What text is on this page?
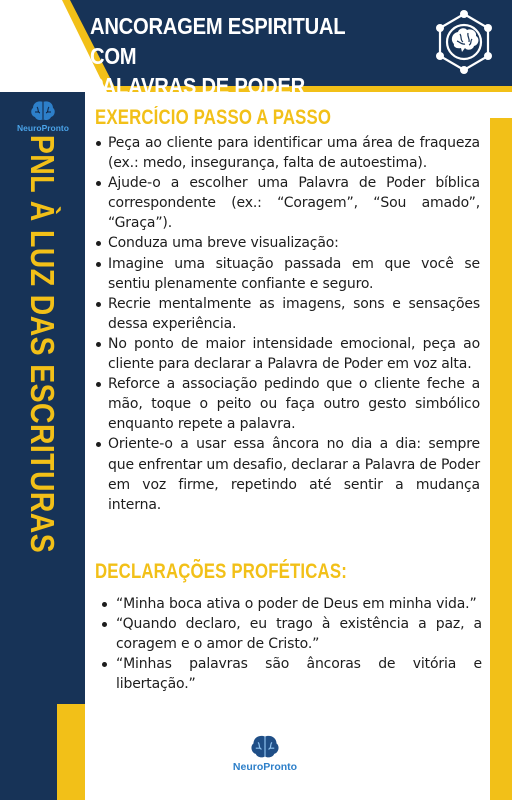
ANCORAGEM ESPIRITUAL COM
PALAVRAS DE PODER
NeuroPronto
PNL À LUZ DAS ESCRITURAS
EXERCÍCIO PASSO A PASSO
Peça ao cliente para identificar uma área de fraqueza (ex.: medo, insegurança, falta de autoestima).
Ajude-o a escolher uma Palavra de Poder bíblica correspondente (ex.: “Coragem”, “Sou amado”, “Graça”).
Conduza uma breve visualização:
Imagine uma situação passada em que você se sentiu plenamente confiante e seguro.
Recrie mentalmente as imagens, sons e sensações dessa experiência.
No ponto de maior intensidade emocional, peça ao cliente para declarar a Palavra de Poder em voz alta.
Reforce a associação pedindo que o cliente feche a mão, toque o peito ou faça outro gesto simbólico enquanto repete a palavra.
Oriente-o a usar essa âncora no dia a dia: sempre que enfrentar um desafio, declarar a Palavra de Poder em voz firme, repetindo até sentir a mudança interna.
DECLARAÇÕES PROFÉTICAS:
“Minha boca ativa o poder de Deus em minha vida.”
“Quando declaro, eu trago à existência a paz, a coragem e o amor de Cristo.”
“Minhas palavras são âncoras de vitória e libertação.”
NeuroPronto
